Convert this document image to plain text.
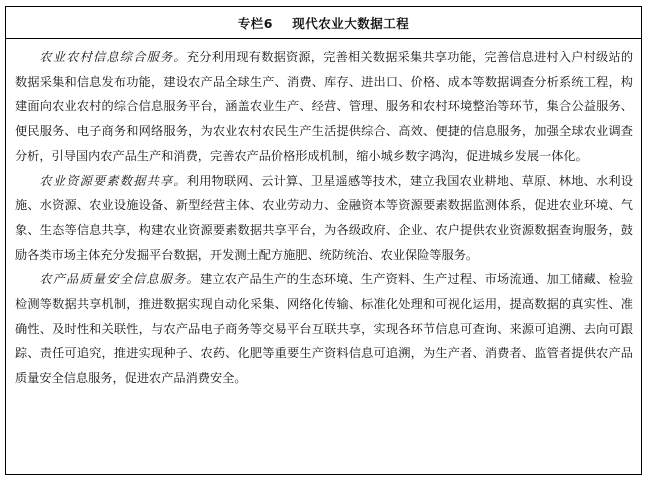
专栏6    现代农业大数据工程

农业农村信息综合服务。充分利用现有数据资源，完善相关数据采集共享功能，完善信息进村入户村级站的数据采集和信息发布功能，建设农产品全球生产、消费、库存、进出口、价格、成本等数据调查分析系统工程，构建面向农业农村的综合信息服务平台，涵盖农业生产、经营、管理、服务和农村环境整治等环节，集合公益服务、便民服务、电子商务和网络服务，为农业农村农民生产生活提供综合、高效、便捷的信息服务，加强全球农业调查分析，引导国内农产品生产和消费，完善农产品价格形成机制，缩小城乡数字鸿沟，促进城乡发展一体化。

农业资源要素数据共享。利用物联网、云计算、卫星遥感等技术，建立我国农业耕地、草原、林地、水利设施、水资源、农业设施设备、新型经营主体、农业劳动力、金融资本等资源要素数据监测体系，促进农业环境、气象、生态等信息共享，构建农业资源要素数据共享平台，为各级政府、企业、农户提供农业资源数据查询服务，鼓励各类市场主体充分发掘平台数据，开发测土配方施肥、统防统治、农业保险等服务。

农产品质量安全信息服务。建立农产品生产的生态环境、生产资料、生产过程、市场流通、加工储藏、检验检测等数据共享机制，推进数据实现自动化采集、网络化传输、标准化处理和可视化运用，提高数据的真实性、准确性、及时性和关联性，与农产品电子商务等交易平台互联共享，实现各环节信息可查询、来源可追溯、去向可跟踪、责任可追究，推进实现种子、农药、化肥等重要生产资料信息可追溯，为生产者、消费者、监管者提供农产品质量安全信息服务，促进农产品消费安全。
